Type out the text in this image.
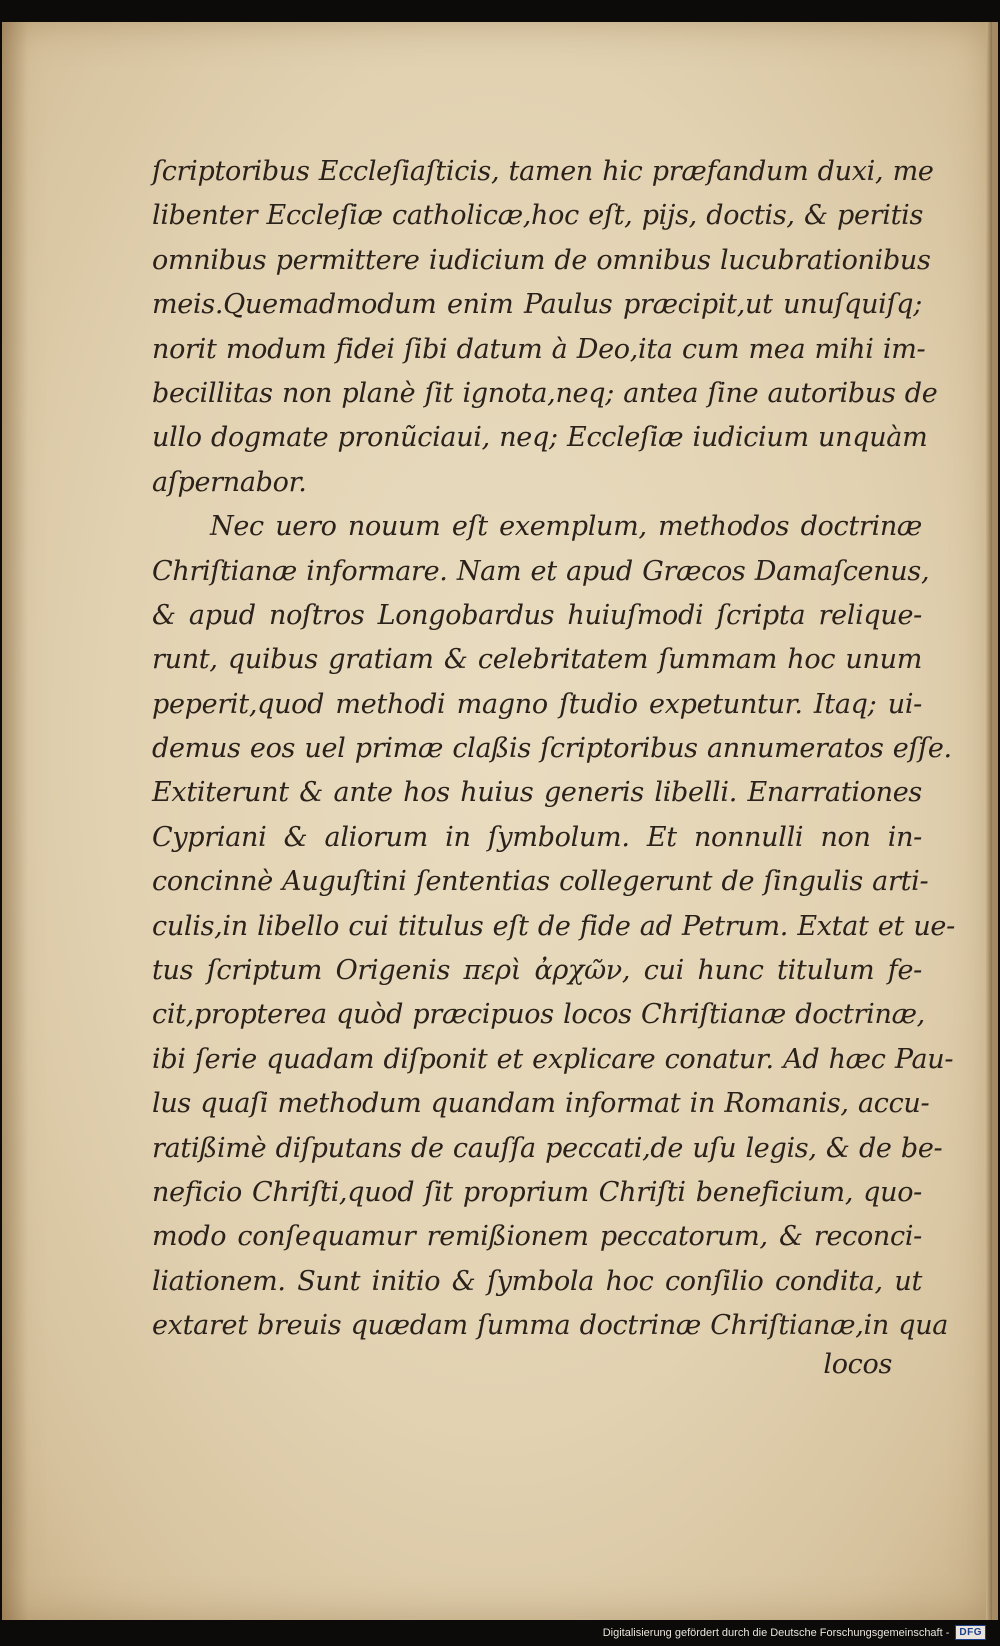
ſcriptoribus Eccleſiaſticis, tamen hic præfandum duxi, me
libenter Eccleſiæ catholicæ,hoc eſt, pijs, doctis, & peritis
omnibus permittere iudicium de omnibus lucubrationibus
meis.Quemadmodum enim Paulus præcipit,ut unuſquiſq;
norit modum fidei ſibi datum à Deo,ita cum mea mihi im-
becillitas non planè ſit ignota,neq; antea ſine autoribus de
ullo dogmate pronũciaui, neq; Eccleſiæ iudicium unquàm
aſpernabor.
Nec uero nouum eſt exemplum, methodos doctrinæ
Chriſtianæ informare. Nam et apud Græcos Damaſcenus,
& apud noſtros Longobardus huiuſmodi ſcripta relique-
runt, quibus gratiam & celebritatem ſummam hoc unum
peperit,quod methodi magno ſtudio expetuntur. Itaq; ui-
demus eos uel primæ claßis ſcriptoribus annumeratos eſſe.
Extiterunt & ante hos huius generis libelli. Enarrationes
Cypriani & aliorum in ſymbolum. Et nonnulli non in-
concinnè Auguſtini ſententias collegerunt de ſingulis arti-
culis,in libello cui titulus eſt de fide ad Petrum. Extat et ue-
tus ſcriptum Origenis περὶ ἀρχῶν, cui hunc titulum fe-
cit,propterea quòd præcipuos locos Chriſtianæ doctrinæ,
ibi ſerie quadam diſponit et explicare conatur. Ad hæc Pau-
lus quaſi methodum quandam informat in Romanis, accu-
ratißimè diſputans de cauſſa peccati,de uſu legis, & de be-
neficio Chriſti,quod ſit proprium Chriſti beneficium, quo-
modo conſequamur remißionem peccatorum, & reconci-
liationem. Sunt initio & ſymbola hoc conſilio condita, ut
extaret breuis quædam ſumma doctrinæ Chriſtianæ,in qua
locos
Digitalisierung gefördert durch die Deutsche Forschungsgemeinschaft -	DFG
